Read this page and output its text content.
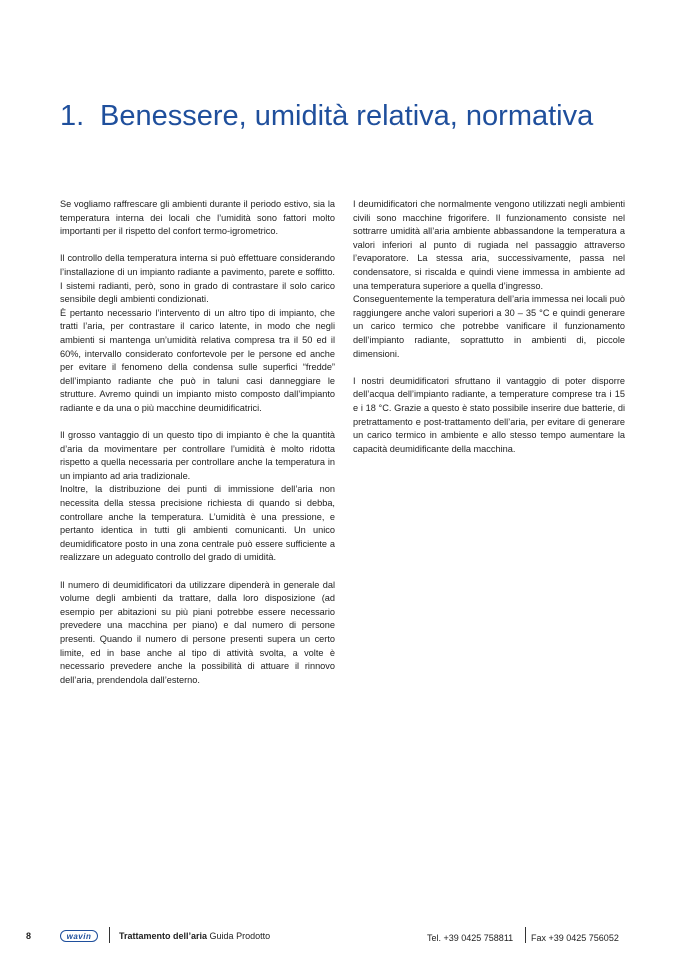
1. Benessere, umidità relativa, normativa

Se vogliamo raffrescare gli ambienti durante il periodo estivo, sia la temperatura interna dei locali che l’umidità sono fattori molto importanti per il rispetto del confort termo-igrometrico.

Il controllo della temperatura interna si può effettuare considerando l’installazione di un impianto radiante a pavimento, parete e soffitto. I sistemi radianti, però, sono in grado di contrastare il solo carico sensibile degli ambienti condizionati.

È pertanto necessario l’intervento di un altro tipo di impianto, che tratti l’aria, per contrastare il carico latente, in modo che negli ambienti si mantenga un’umidità relativa compresa tra il 50 ed il 60%, intervallo considerato confortevole per le persone ed anche per evitare il fenomeno della condensa sulle superfici “fredde” dell’impianto radiante che può in taluni casi danneggiare le strutture. Avremo quindi un impianto misto composto dall’impianto radiante e da una o più macchine deumidificatrici.

Il grosso vantaggio di un questo tipo di impianto è che la quantità d’aria da movimentare per controllare l’umidità è molto ridotta rispetto a quella necessaria per controllare anche la temperatura in un impianto ad aria tradizionale.

Inoltre, la distribuzione dei punti di immissione dell’aria non necessita della stessa precisione richiesta di quando si debba, controllare anche la temperatura. L’umidità è una pressione, e pertanto identica in tutti gli ambienti comunicanti. Un unico deumidificatore posto in una zona centrale può essere sufficiente a realizzare un adeguato controllo del grado di umidità.

Il numero di deumidificatori da utilizzare dipenderà in generale dal volume degli ambienti da trattare, dalla loro disposizione (ad esempio per abitazioni su più piani potrebbe essere necessario prevedere una macchina per piano) e dal numero di persone presenti. Quando il numero di persone presenti supera un certo limite, ed in base anche al tipo di attività svolta, a volte è necessario prevedere anche la possibilità di attuare il rinnovo dell’aria, prendendola dall’esterno.

I deumidificatori che normalmente vengono utilizzati negli ambienti civili sono macchine frigorifere. Il funzionamento consiste nel sottrarre umidità all’aria ambiente abbassandone la temperatura a valori inferiori al punto di rugiada nel passaggio attraverso l’evaporatore. La stessa aria, successivamente, passa nel condensatore, si riscalda e quindi viene immessa in ambiente ad una temperatura superiore a quella d’ingresso.

Conseguentemente la temperatura dell’aria immessa nei locali può raggiungere anche valori superiori a 30 – 35 °C e quindi generare un carico termico che potrebbe vanificare il funzionamento dell’impianto radiante, soprattutto in ambienti di, piccole dimensioni.

I nostri deumidificatori sfruttano il vantaggio di poter disporre dell’acqua dell’impianto radiante, a temperature comprese tra i 15 e i 18 °C. Grazie a questo è stato possibile inserire due batterie, di pretrattamento e post-trattamento dell’aria, per evitare di generare un carico termico in ambiente e allo stesso tempo aumentare la capacità deumidificante della macchina.

8	wavin	Trattamento dell’aria Guida Prodotto	Tel. +39 0425 758811 Fax +39 0425 756052
